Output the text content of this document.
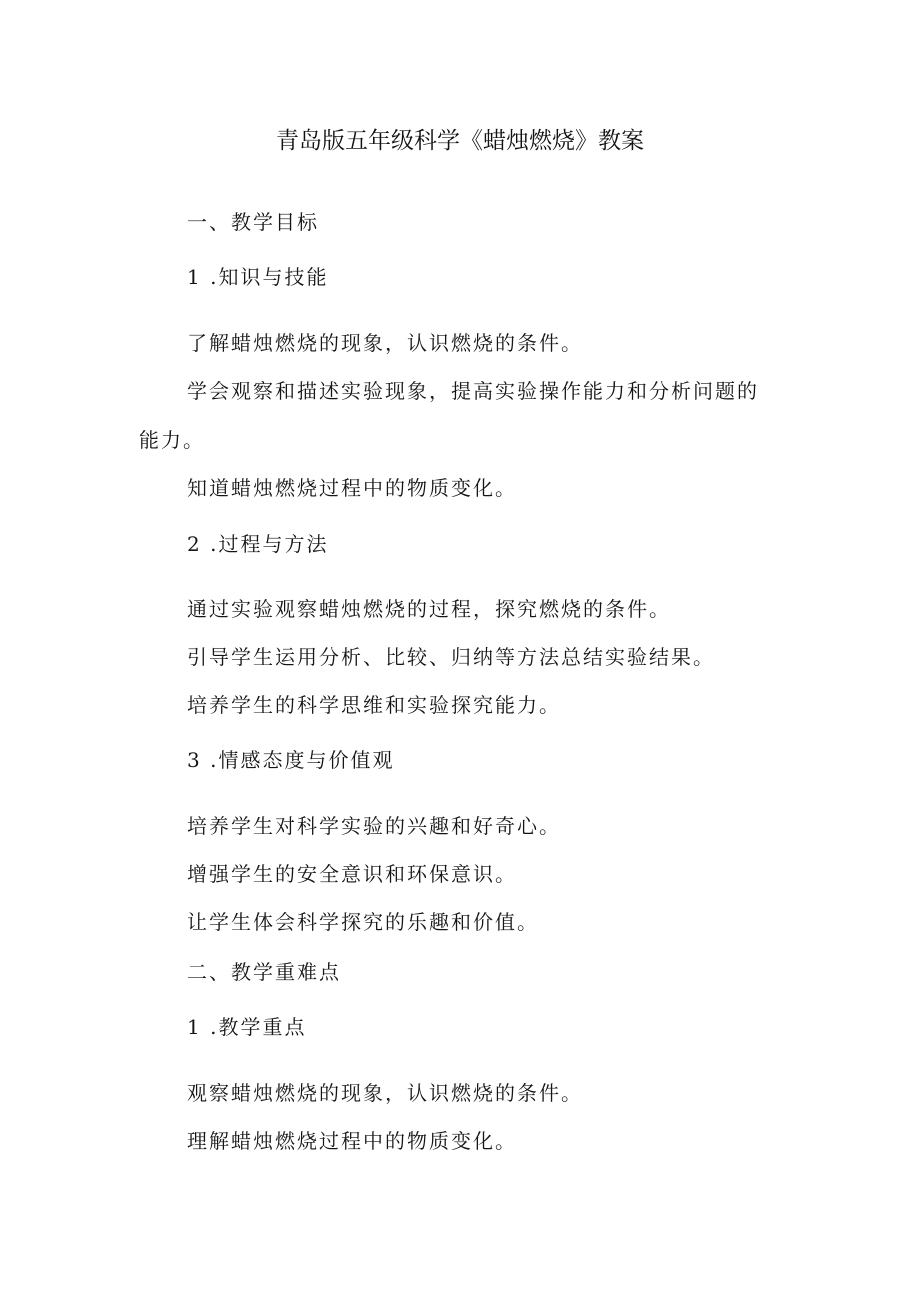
青岛版五年级科学《蜡烛燃烧》教案
一、教学目标
1 .知识与技能
了解蜡烛燃烧的现象，认识燃烧的条件。
学会观察和描述实验现象，提高实验操作能力和分析问题的
能力。
知道蜡烛燃烧过程中的物质变化。
2 .过程与方法
通过实验观察蜡烛燃烧的过程，探究燃烧的条件。
引导学生运用分析、比较、归纳等方法总结实验结果。
培养学生的科学思维和实验探究能力。
3 .情感态度与价值观
培养学生对科学实验的兴趣和好奇心。
增强学生的安全意识和环保意识。
让学生体会科学探究的乐趣和价值。
二、教学重难点
1 .教学重点
观察蜡烛燃烧的现象，认识燃烧的条件。
理解蜡烛燃烧过程中的物质变化。
